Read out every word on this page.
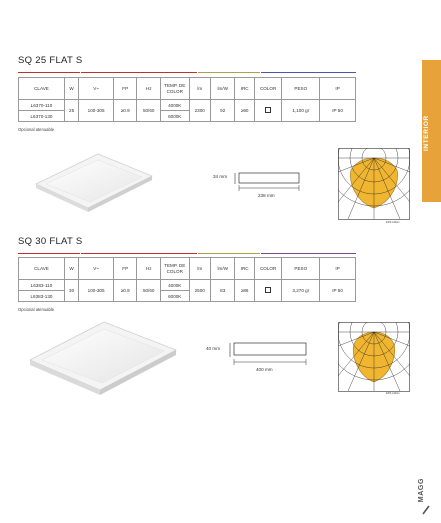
INTERIOR
SQ 25 FLAT S
CLAVE	W	V~	FP	Hz	TEMP. DE COLOR	lm	lm/W	IRC	COLOR	PESO	IP
L6370-110	25	100-305	≥0.9	50/60	4000K	2300	92	≥90		1,100 gr	IP 50
L6370-130					6000K						
Opcional atenuable
34 mm
238 mm
EDS cd/klm
SQ 30 FLAT S
CLAVE	W	V~	FP	Hz	TEMP. DE COLOR	lm	lm/W	IRC	COLOR	PESO	IP
L6383-110	30	100-305	≥0.9	50/60	4000K	2500	83	≥86		3,270 gr	IP 50
L6383-130					6000K						
Opcional atenuable
40 mm
400 mm
EDS cd/klm
MAGG
